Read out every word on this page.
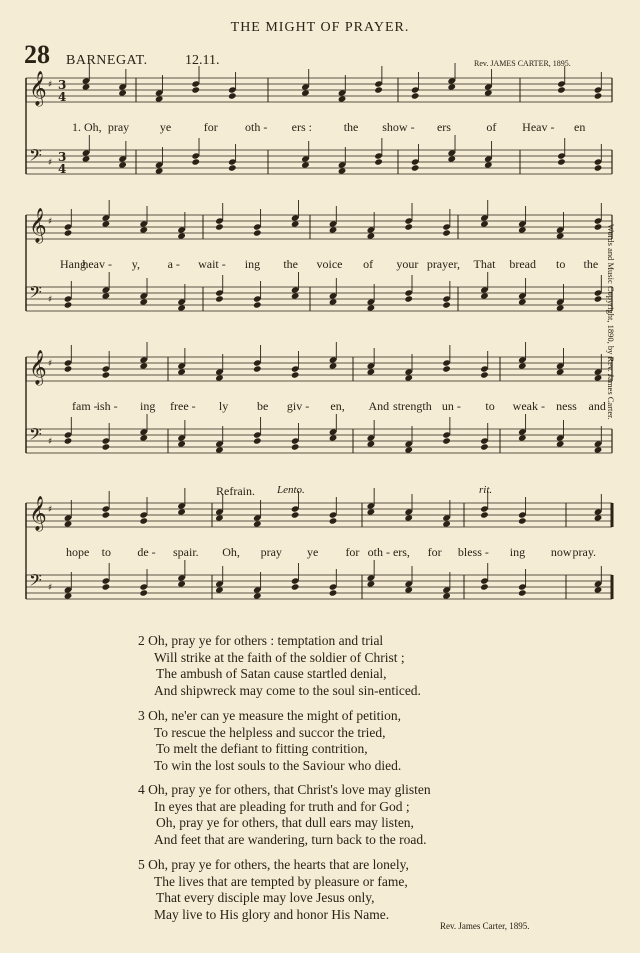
THE MIGHT OF PRAYER.
28 BARNEGAT.	12.11.	Rev. JAMES CARTER, 1895.
Words and Music Copyright, 1890, by Rev. James Carter.
𝄞 ♯ 3
4
𝄢 ♯ 3
4
𝄞 ♯
𝄢 ♯
𝄞 ♯
𝄢 ♯
𝄞 ♯
𝄢 ♯
1. Oh, pray	ye	for oth - ers :	the show - ers	of Heav - en
Hang
heav - y, a - wait - ing the voice of your prayer, That bread to the
fam -
ish - ing free - ly be giv - en, And strength un - to weak - ness and
hope to de - spair. Oh, pray ye for oth - ers, for bless - ing now pray.
Refrain. Lento.	rit.
2 Oh, pray ye for others : temptation and trial
Will strike at the faith of the soldier of Christ ;
The ambush of Satan cause startled denial,
And shipwreck may come to the soul sin-enticed.
3 Oh, ne'er can ye measure the might of petition,
To rescue the helpless and succor the tried,
To melt the defiant to fitting contrition,
To win the lost souls to the Saviour who died.
4 Oh, pray ye for others, that Christ's love may glisten
In eyes that are pleading for truth and for God ;
Oh, pray ye for others, that dull ears may listen,
And feet that are wandering, turn back to the road.
5 Oh, pray ye for others, the hearts that are lonely,
The lives that are tempted by pleasure or fame,
That every disciple may love Jesus only,
May live to His glory and honor His Name.
Rev. James Carter, 1895.
